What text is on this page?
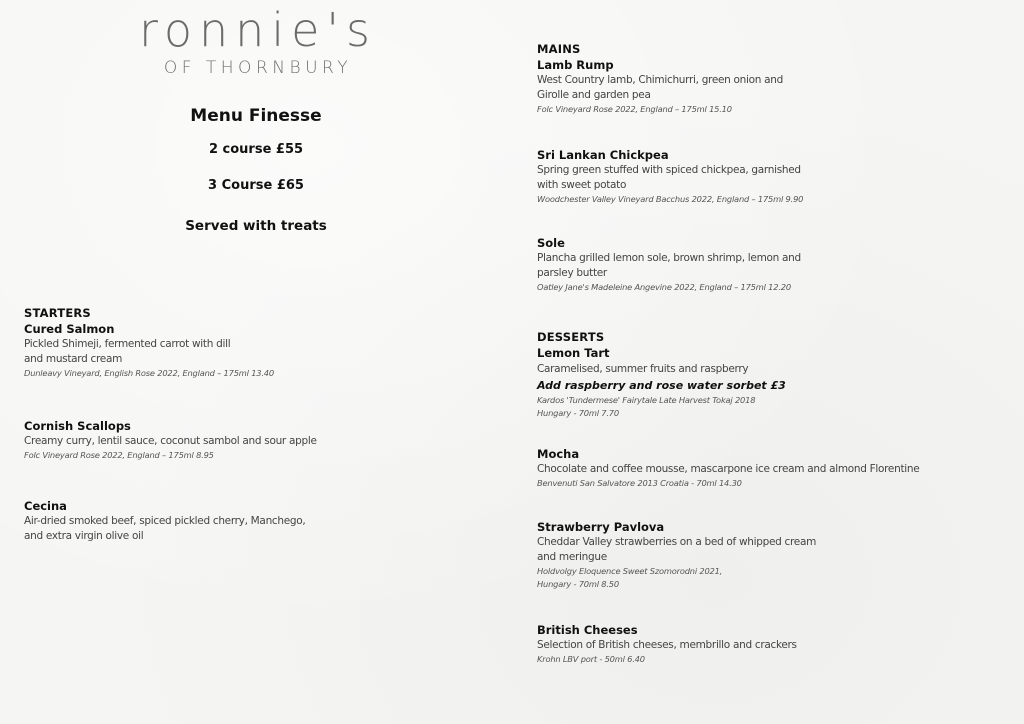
ronnie's
OF THORNBURY
Menu Finesse
2 course £55
3 Course £65
Served with treats
STARTERS
Cured Salmon
Pickled Shimeji, fermented carrot with dill
and mustard cream
Dunleavy Vineyard, English Rose 2022, England – 175ml 13.40
Cornish Scallops
Creamy curry, lentil sauce, coconut sambol and sour apple
Folc Vineyard Rose 2022, England – 175ml 8.95
Cecina
Air-dried smoked beef, spiced pickled cherry, Manchego,
and extra virgin olive oil
MAINS
Lamb Rump
West Country lamb, Chimichurri, green onion and
Girolle and garden pea
Folc Vineyard Rose 2022, England – 175ml 15.10
Sri Lankan Chickpea
Spring green stuffed with spiced chickpea, garnished
with sweet potato
Woodchester Valley Vineyard Bacchus 2022, England – 175ml 9.90
Sole
Plancha grilled lemon sole, brown shrimp, lemon and
parsley butter
Oatley Jane's Madeleine Angevine 2022, England – 175ml 12.20
DESSERTS
Lemon Tart
Caramelised, summer fruits and raspberry
Add raspberry and rose water sorbet £3
Kardos 'Tundermese' Fairytale Late Harvest Tokaj 2018
Hungary - 70ml 7.70
Mocha
Chocolate and coffee mousse, mascarpone ice cream and almond Florentine
Benvenuti San Salvatore 2013 Croatia - 70ml 14.30
Strawberry Pavlova
Cheddar Valley strawberries on a bed of whipped cream
and meringue
Holdvolgy Eloquence Sweet Szomorodni 2021,
Hungary - 70ml 8.50
British Cheeses
Selection of British cheeses, membrillo and crackers
Krohn LBV port - 50ml 6.40
